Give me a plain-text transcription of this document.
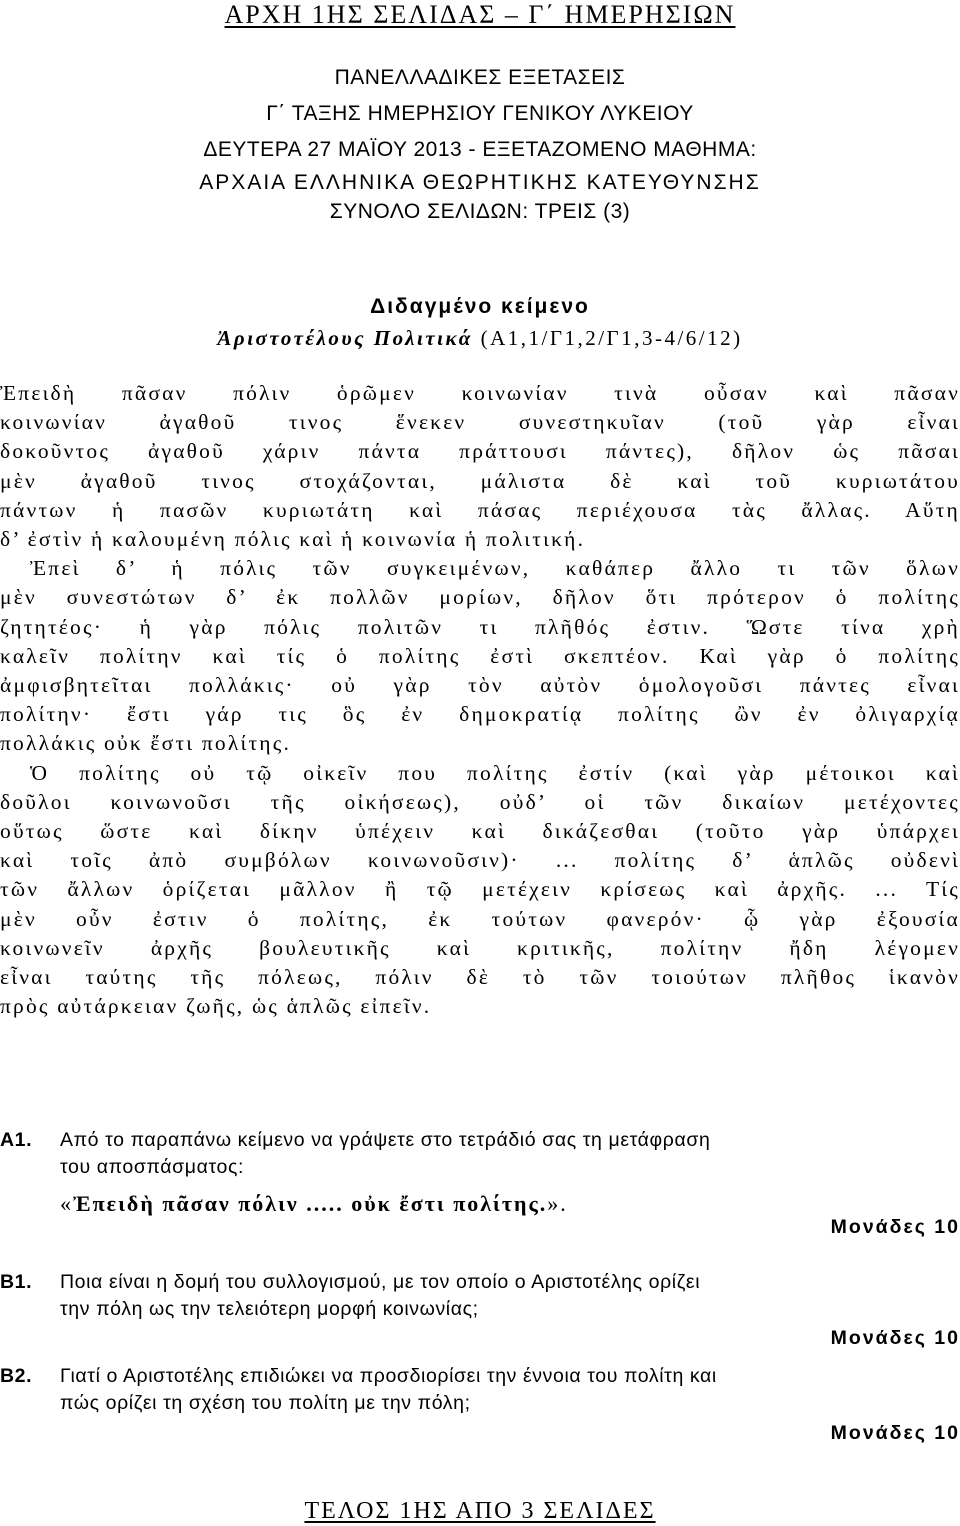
ΑΡΧΗ 1ΗΣ ΣΕΛΙΔΑΣ – Γ΄ ΗΜΕΡΗΣΙΩΝ
ΠΑΝΕΛΛΑΔΙΚΕΣ ΕΞΕΤΑΣΕΙΣ
Γ΄ ΤΑΞΗΣ ΗΜΕΡΗΣΙΟΥ ΓΕΝΙΚΟΥ ΛΥΚΕΙΟΥ
ΔΕΥΤΕΡΑ 27 ΜΑΪΟΥ 2013 - ΕΞΕΤΑΖΟΜΕΝΟ ΜΑΘΗΜΑ:
ΑΡΧΑΙΑ ΕΛΛΗΝΙΚΑ ΘΕΩΡΗΤΙΚΗΣ ΚΑΤΕΥΘΥΝΣΗΣ
ΣΥΝΟΛΟ ΣΕΛΙΔΩΝ: ΤΡΕΙΣ (3)
Διδαγμένο κείμενο
Ἀριστοτέλους Πολιτικά (Α1,1/Γ1,2/Γ1,3-4/6/12)
Ἐπειδὴ πᾶσαν πόλιν ὁρῶμεν κοινωνίαν τινὰ οὖσαν καὶ πᾶσαν
κοινωνίαν ἀγαθοῦ τινος ἕνεκεν συνεστηκυῖαν (τοῦ γὰρ εἶναι
δοκοῦντος ἀγαθοῦ χάριν πάντα πράττουσι πάντες), δῆλον ὡς πᾶσαι
μὲν ἀγαθοῦ τινος στοχάζονται, μάλιστα δὲ καὶ τοῦ κυριωτάτου
πάντων ἡ πασῶν κυριωτάτη καὶ πάσας περιέχουσα τὰς ἄλλας. Αὕτη
δ’ ἐστὶν ἡ καλουμένη πόλις καὶ ἡ κοινωνία ἡ πολιτική.
Ἐπεὶ δ’ ἡ πόλις τῶν συγκειμένων, καθάπερ ἄλλο τι τῶν ὅλων
μὲν συνεστώτων δ’ ἐκ πολλῶν μορίων, δῆλον ὅτι πρότερον ὁ πολίτης
ζητητέος· ἡ γὰρ πόλις πολιτῶν τι πλῆθός ἐστιν. Ὥστε τίνα χρὴ
καλεῖν πολίτην καὶ τίς ὁ πολίτης ἐστὶ σκεπτέον. Καὶ γὰρ ὁ πολίτης
ἀμφισβητεῖται πολλάκις· οὐ γὰρ τὸν αὐτὸν ὁμολογοῦσι πάντες εἶναι
πολίτην· ἔστι γάρ τις ὃς ἐν δημοκρατίᾳ πολίτης ὢν ἐν ὀλιγαρχίᾳ
πολλάκις οὐκ ἔστι πολίτης.
Ὁ πολίτης οὐ τῷ οἰκεῖν που πολίτης ἐστίν (καὶ γὰρ μέτοικοι καὶ
δοῦλοι κοινωνοῦσι τῆς οἰκήσεως), οὐδ’ οἱ τῶν δικαίων μετέχοντες
οὕτως ὥστε καὶ δίκην ὑπέχειν καὶ δικάζεσθαι (τοῦτο γὰρ ὑπάρχει
καὶ τοῖς ἀπὸ συμβόλων κοινωνοῦσιν)· ... πολίτης δ’ ἁπλῶς οὐδενὶ
τῶν ἄλλων ὁρίζεται μᾶλλον ἢ τῷ μετέχειν κρίσεως καὶ ἀρχῆς. ... Τίς
μὲν οὖν ἐστιν ὁ πολίτης, ἐκ τούτων φανερόν· ᾧ γὰρ ἐξουσία
κοινωνεῖν ἀρχῆς βουλευτικῆς καὶ κριτικῆς, πολίτην ἤδη λέγομεν
εἶναι ταύτης τῆς πόλεως, πόλιν δὲ τὸ τῶν τοιούτων πλῆθος ἱκανὸν
πρὸς αὐτάρκειαν ζωῆς, ὡς ἁπλῶς εἰπεῖν.
Α1. Από το παραπάνω κείμενο να γράψετε στο τετράδιό σας τη μετάφραση
του αποσπάσματος:
«Ἐπειδὴ πᾶσαν πόλιν ..... οὐκ ἔστι πολίτης.».
Μονάδες 10
Β1. Ποια είναι η δομή του συλλογισμού, με τον οποίο ο Αριστοτέλης ορίζει
την πόλη ως την τελειότερη μορφή κοινωνίας;
Μονάδες 10
Β2. Γιατί ο Αριστοτέλης επιδιώκει να προσδιορίσει την έννοια του πολίτη και
πώς ορίζει τη σχέση του πολίτη με την πόλη;
Μονάδες 10
ΤΕΛΟΣ 1ΗΣ ΑΠΟ 3 ΣΕΛΙΔΕΣ
